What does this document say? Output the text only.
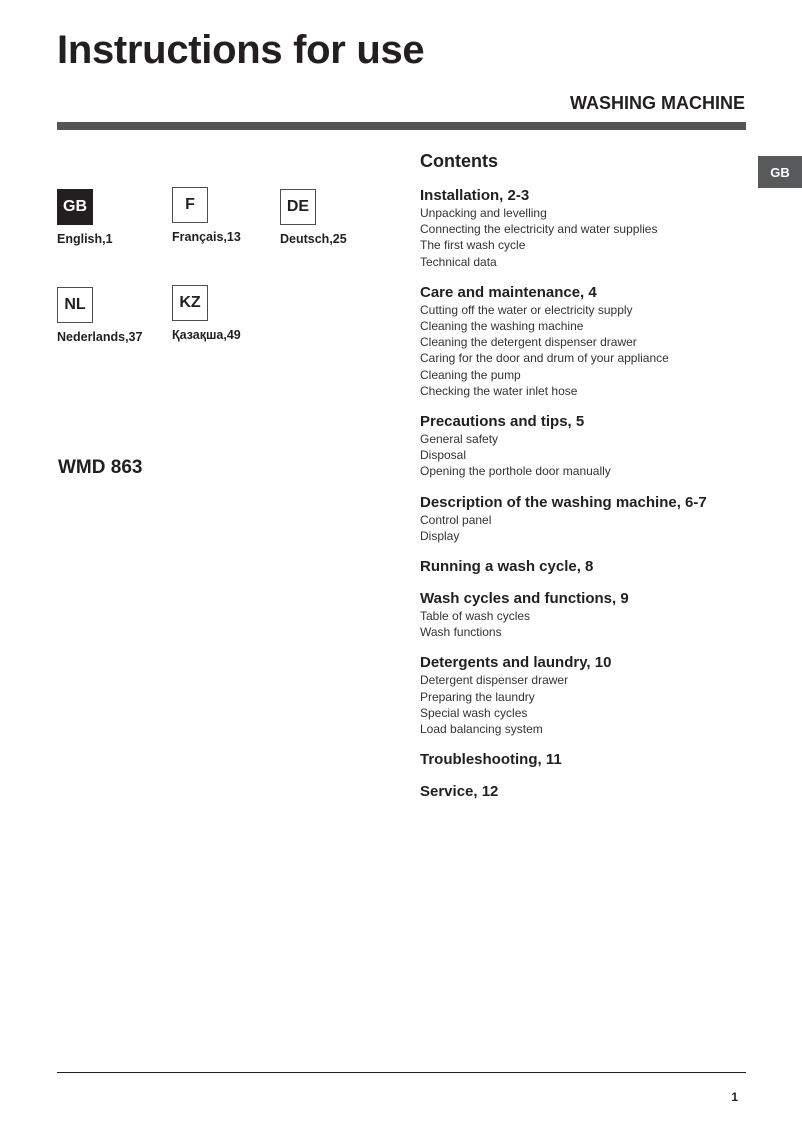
Instructions for use
WASHING MACHINE
GB
GB
English,1
F
Français,13
DE
Deutsch,25
NL
Nederlands,37
KZ
Қазақша,49
WMD 863
Contents
Installation, 2-3
Unpacking and levelling
Connecting the electricity and water supplies
The first wash cycle
Technical data
Care and maintenance, 4
Cutting off the water or electricity supply
Cleaning the washing machine
Cleaning the detergent dispenser drawer
Caring for the door and drum of your appliance
Cleaning the pump
Checking the water inlet hose
Precautions and tips, 5
General safety
Disposal
Opening the porthole door manually
Description of the washing machine, 6-7
Control panel
Display
Running a wash cycle, 8
Wash cycles and functions, 9
Table of wash cycles
Wash functions
Detergents and laundry, 10
Detergent dispenser drawer
Preparing the laundry
Special wash cycles
Load balancing system
Troubleshooting, 11
Service, 12
1
